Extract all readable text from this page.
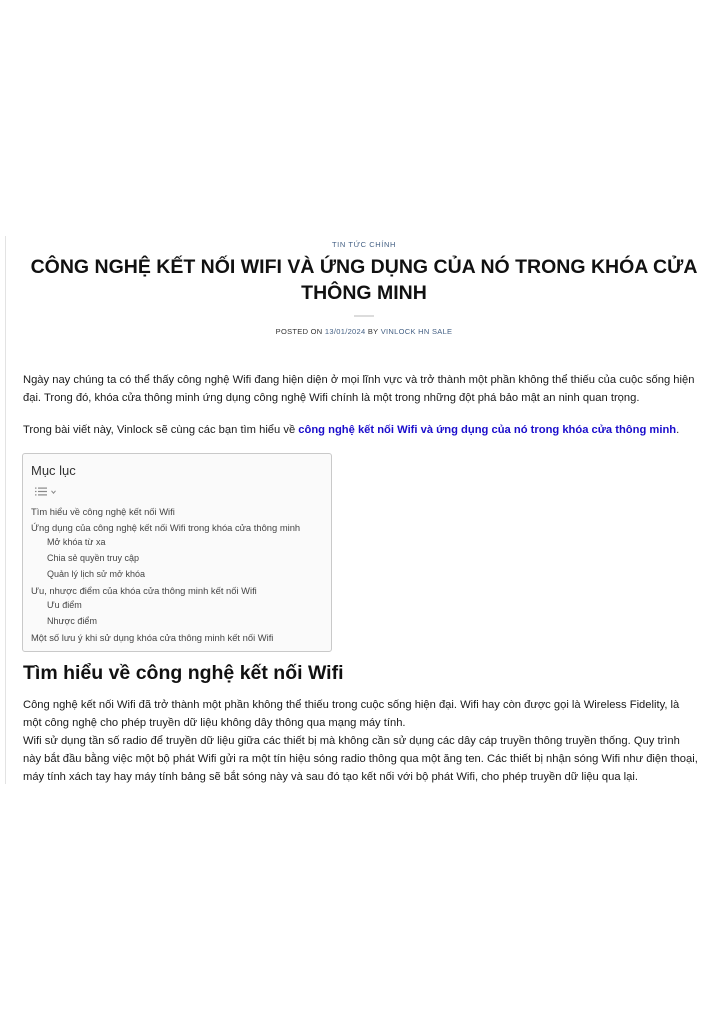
TIN TỨC CHÍNH
CÔNG NGHỆ KẾT NỐI WIFI VÀ ỨNG DỤNG CỦA NÓ TRONG KHÓA CỬA THÔNG MINH
POSTED ON 13/01/2024 BY VINLOCK HN SALE

Ngày nay chúng ta có thể thấy công nghệ Wifi đang hiện diện ở mọi lĩnh vực và trở thành một phần không thể thiếu của cuộc sống hiện đại. Trong đó, khóa cửa thông minh ứng dụng công nghệ Wifi chính là một trong những đột phá bảo mật an ninh quan trọng.

Trong bài viết này, Vinlock sẽ cùng các bạn tìm hiểu về công nghệ kết nối Wifi và ứng dụng của nó trong khóa cửa thông minh.

Mục lục
Tìm hiểu về công nghệ kết nối Wifi
Ứng dụng của công nghệ kết nối Wifi trong khóa cửa thông minh
Mở khóa từ xa
Chia sẻ quyền truy cập
Quản lý lịch sử mở khóa
Ưu, nhược điểm của khóa cửa thông minh kết nối Wifi
Ưu điểm
Nhược điểm
Một số lưu ý khi sử dụng khóa cửa thông minh kết nối Wifi
Tìm hiểu về công nghệ kết nối Wifi

Công nghệ kết nối Wifi đã trở thành một phần không thể thiếu trong cuộc sống hiện đại. Wifi hay còn được gọi là Wireless Fidelity, là một công nghệ cho phép truyền dữ liệu không dây thông qua mạng máy tính.

Wifi sử dụng tần số radio để truyền dữ liệu giữa các thiết bị mà không cần sử dụng các dây cáp truyền thông truyền thống. Quy trình này bắt đầu bằng việc một bộ phát Wifi gửi ra một tín hiệu sóng radio thông qua một ăng ten. Các thiết bị nhận sóng Wifi như điện thoại, máy tính xách tay hay máy tính bảng sẽ bắt sóng này và sau đó tạo kết nối với bộ phát Wifi, cho phép truyền dữ liệu qua lại.
